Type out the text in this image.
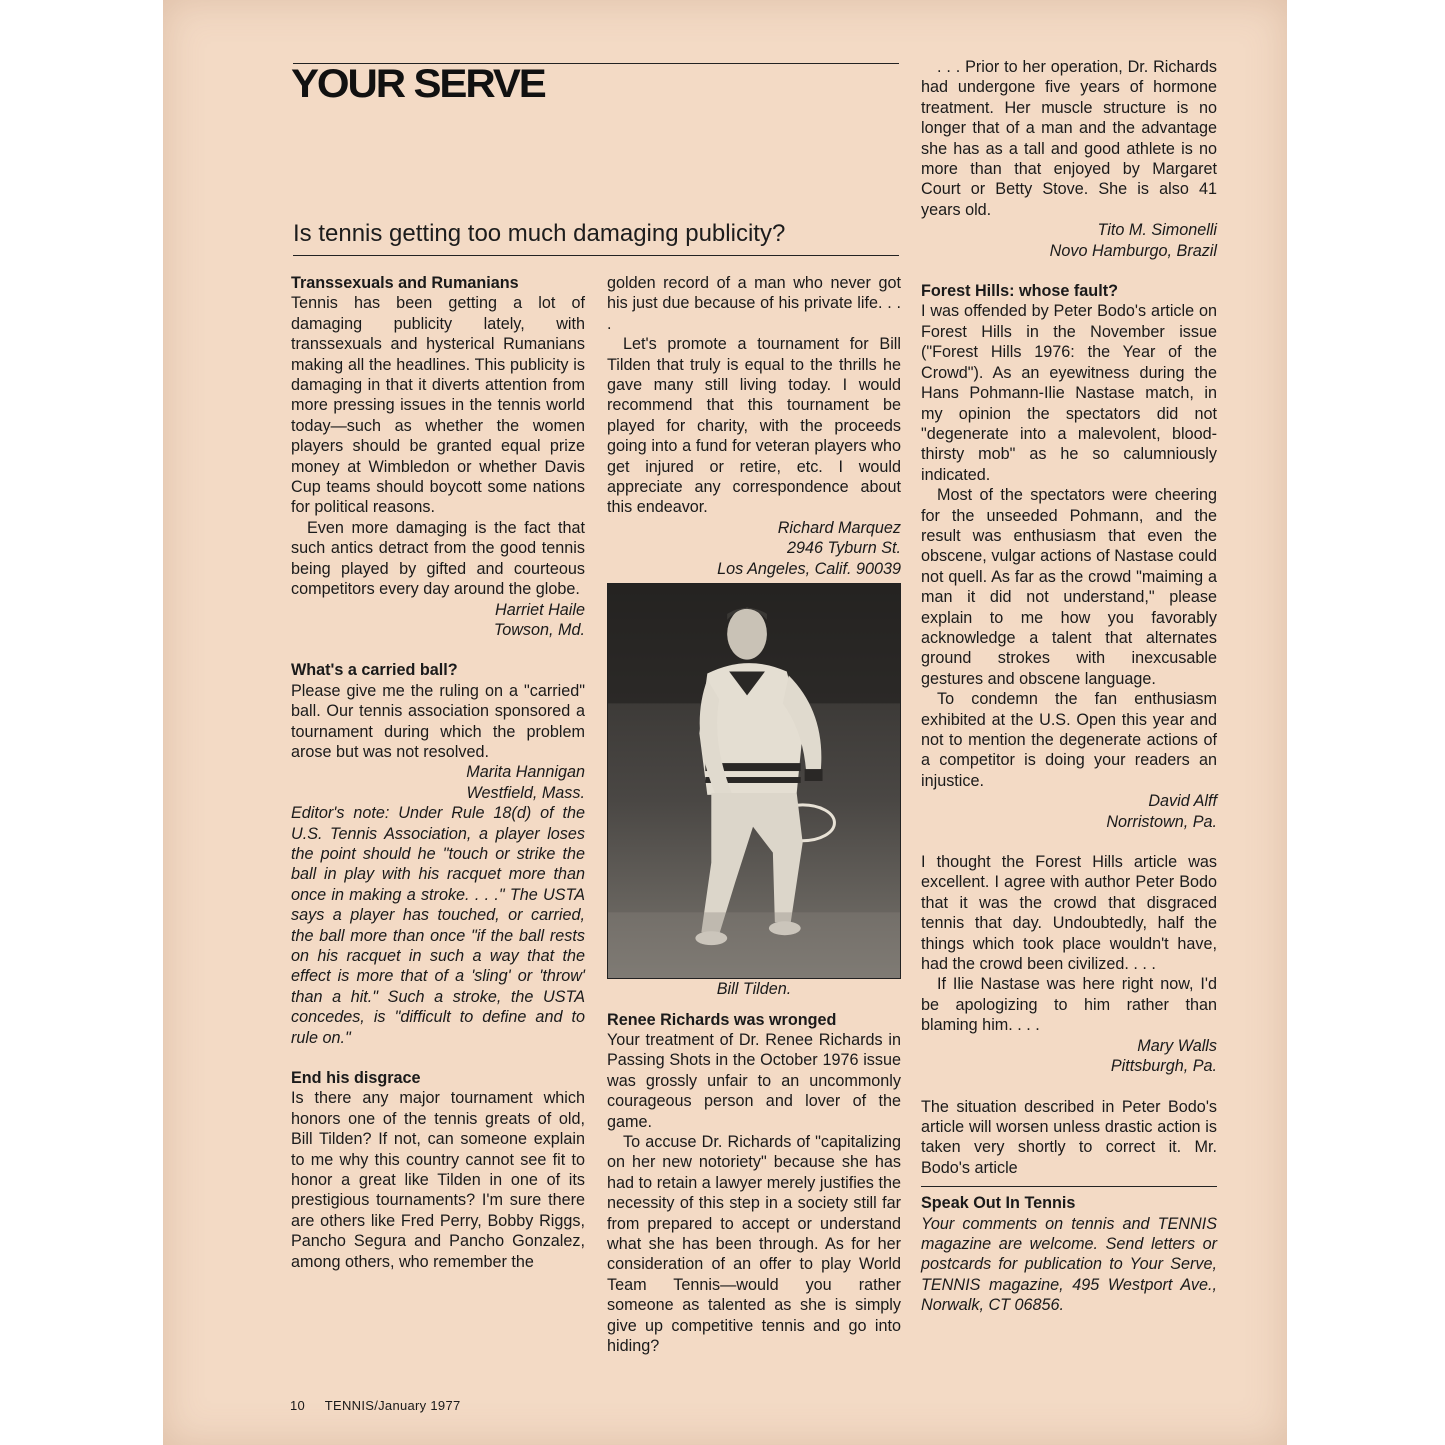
YOUR SERVE
Is tennis getting too much damaging publicity?

Transsexuals and Rumanians

Tennis has been getting a lot of damaging publicity lately, with transsexuals and hysterical Rumanians making all the headlines. This publicity is damaging in that it diverts attention from more pressing issues in the tennis world today—such as whether the women players should be granted equal prize money at Wimbledon or whether Davis Cup teams should boycott some nations for political reasons.

Even more damaging is the fact that such antics detract from the good tennis being played by gifted and courteous competitors every day around the globe.

Harriet Haile

Towson, Md.

What's a carried ball?

Please give me the ruling on a "carried" ball. Our tennis association sponsored a tournament during which the problem arose but was not resolved.

Marita Hannigan

Westfield, Mass.

Editor's note: Under Rule 18(d) of the U.S. Tennis Association, a player loses the point should he "touch or strike the ball in play with his racquet more than once in making a stroke. . . ." The USTA says a player has touched, or carried, the ball more than once "if the ball rests on his racquet in such a way that the effect is more that of a 'sling' or 'throw' than a hit." Such a stroke, the USTA concedes, is "difficult to define and to rule on."

End his disgrace

Is there any major tournament which honors one of the tennis greats of old, Bill Tilden? If not, can someone explain to me why this country cannot see fit to honor a great like Tilden in one of its prestigious tournaments? I'm sure there are others like Fred Perry, Bobby Riggs, Pancho Segura and Pancho Gonzalez, among others, who remember the

golden record of a man who never got his just due because of his private life. . . .

Let's promote a tournament for Bill Tilden that truly is equal to the thrills he gave many still living today. I would recommend that this tournament be played for charity, with the proceeds going into a fund for veteran players who get injured or retire, etc. I would appreciate any correspondence about this endeavor.

Richard Marquez

2946 Tyburn St.

Los Angeles, Calif. 90039

Bill Tilden.

Renee Richards was wronged

Your treatment of Dr. Renee Richards in Passing Shots in the October 1976 issue was grossly unfair to an uncommonly courageous person and lover of the game.

To accuse Dr. Richards of "capitalizing on her new notoriety" because she has had to retain a lawyer merely justifies the necessity of this step in a society still far from prepared to accept or understand what she has been through. As for her consideration of an offer to play World Team Tennis—would you rather someone as talented as she is simply give up competitive tennis and go into hiding?

. . . Prior to her operation, Dr. Richards had undergone five years of hormone treatment. Her muscle structure is no longer that of a man and the advantage she has as a tall and good athlete is no more than that enjoyed by Margaret Court or Betty Stove. She is also 41 years old.

Tito M. Simonelli

Novo Hamburgo, Brazil

Forest Hills: whose fault?

I was offended by Peter Bodo's article on Forest Hills in the November issue ("Forest Hills 1976: the Year of the Crowd"). As an eyewitness during the Hans Pohmann-Ilie Nastase match, in my opinion the spectators did not "degenerate into a malevolent, blood-thirsty mob" as he so calumniously indicated.

Most of the spectators were cheering for the unseeded Pohmann, and the result was enthusiasm that even the obscene, vulgar actions of Nastase could not quell. As far as the crowd "maiming a man it did not understand," please explain to me how you favorably acknowledge a talent that alternates ground strokes with inexcusable gestures and obscene language.

To condemn the fan enthusiasm exhibited at the U.S. Open this year and not to mention the degenerate actions of a competitor is doing your readers an injustice.

David Alff

Norristown, Pa.

I thought the Forest Hills article was excellent. I agree with author Peter Bodo that it was the crowd that disgraced tennis that day. Undoubtedly, half the things which took place wouldn't have, had the crowd been civilized. . . .

If Ilie Nastase was here right now, I'd be apologizing to him rather than blaming him. . . .

Mary Walls

Pittsburgh, Pa.

The situation described in Peter Bodo's article will worsen unless drastic action is taken very shortly to correct it. Mr. Bodo's article

Speak Out In Tennis

Your comments on tennis and TENNIS magazine are welcome. Send letters or postcards for publication to Your Serve, TENNIS magazine, 495 Westport Ave., Norwalk, CT 06856.

10 TENNIS/January 1977
